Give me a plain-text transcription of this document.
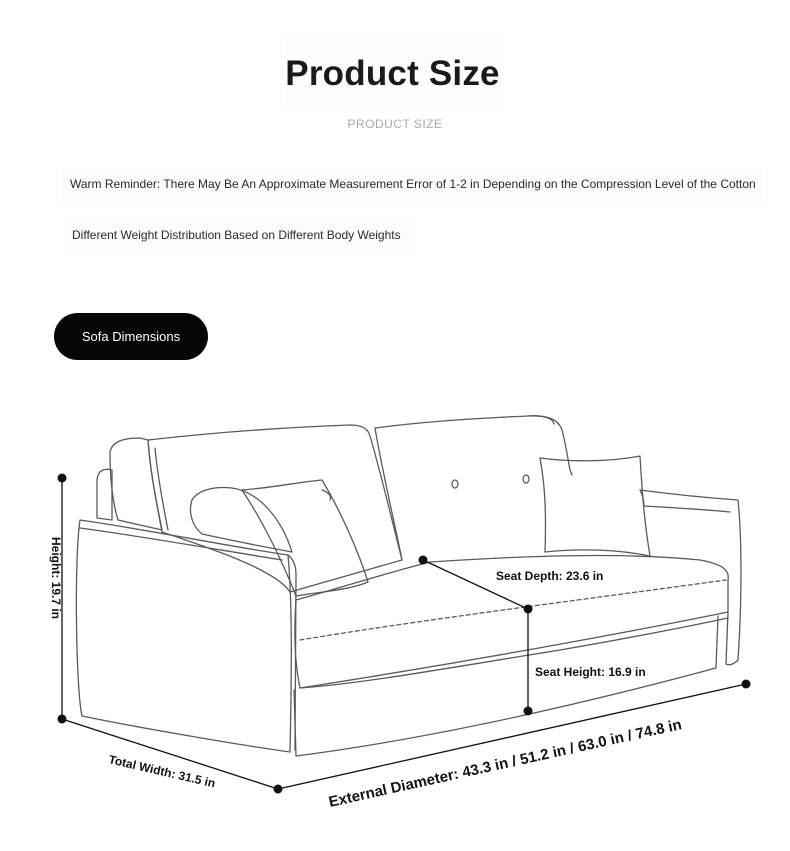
Product Size
PRODUCT SIZE
Warm Reminder: There May Be An Approximate Measurement Error of 1-2 in Depending on the Compression Level of the Cotton
Different Weight Distribution Based on Different Body Weights
Sofa Dimensions
Height: 19.7 in	Seat Depth: 23.6 in
Seat Height: 16.9 in
Total Width: 31.5 in	External Diameter: 43.3 in / 51.2 in / 63.0 in / 74.8 in
